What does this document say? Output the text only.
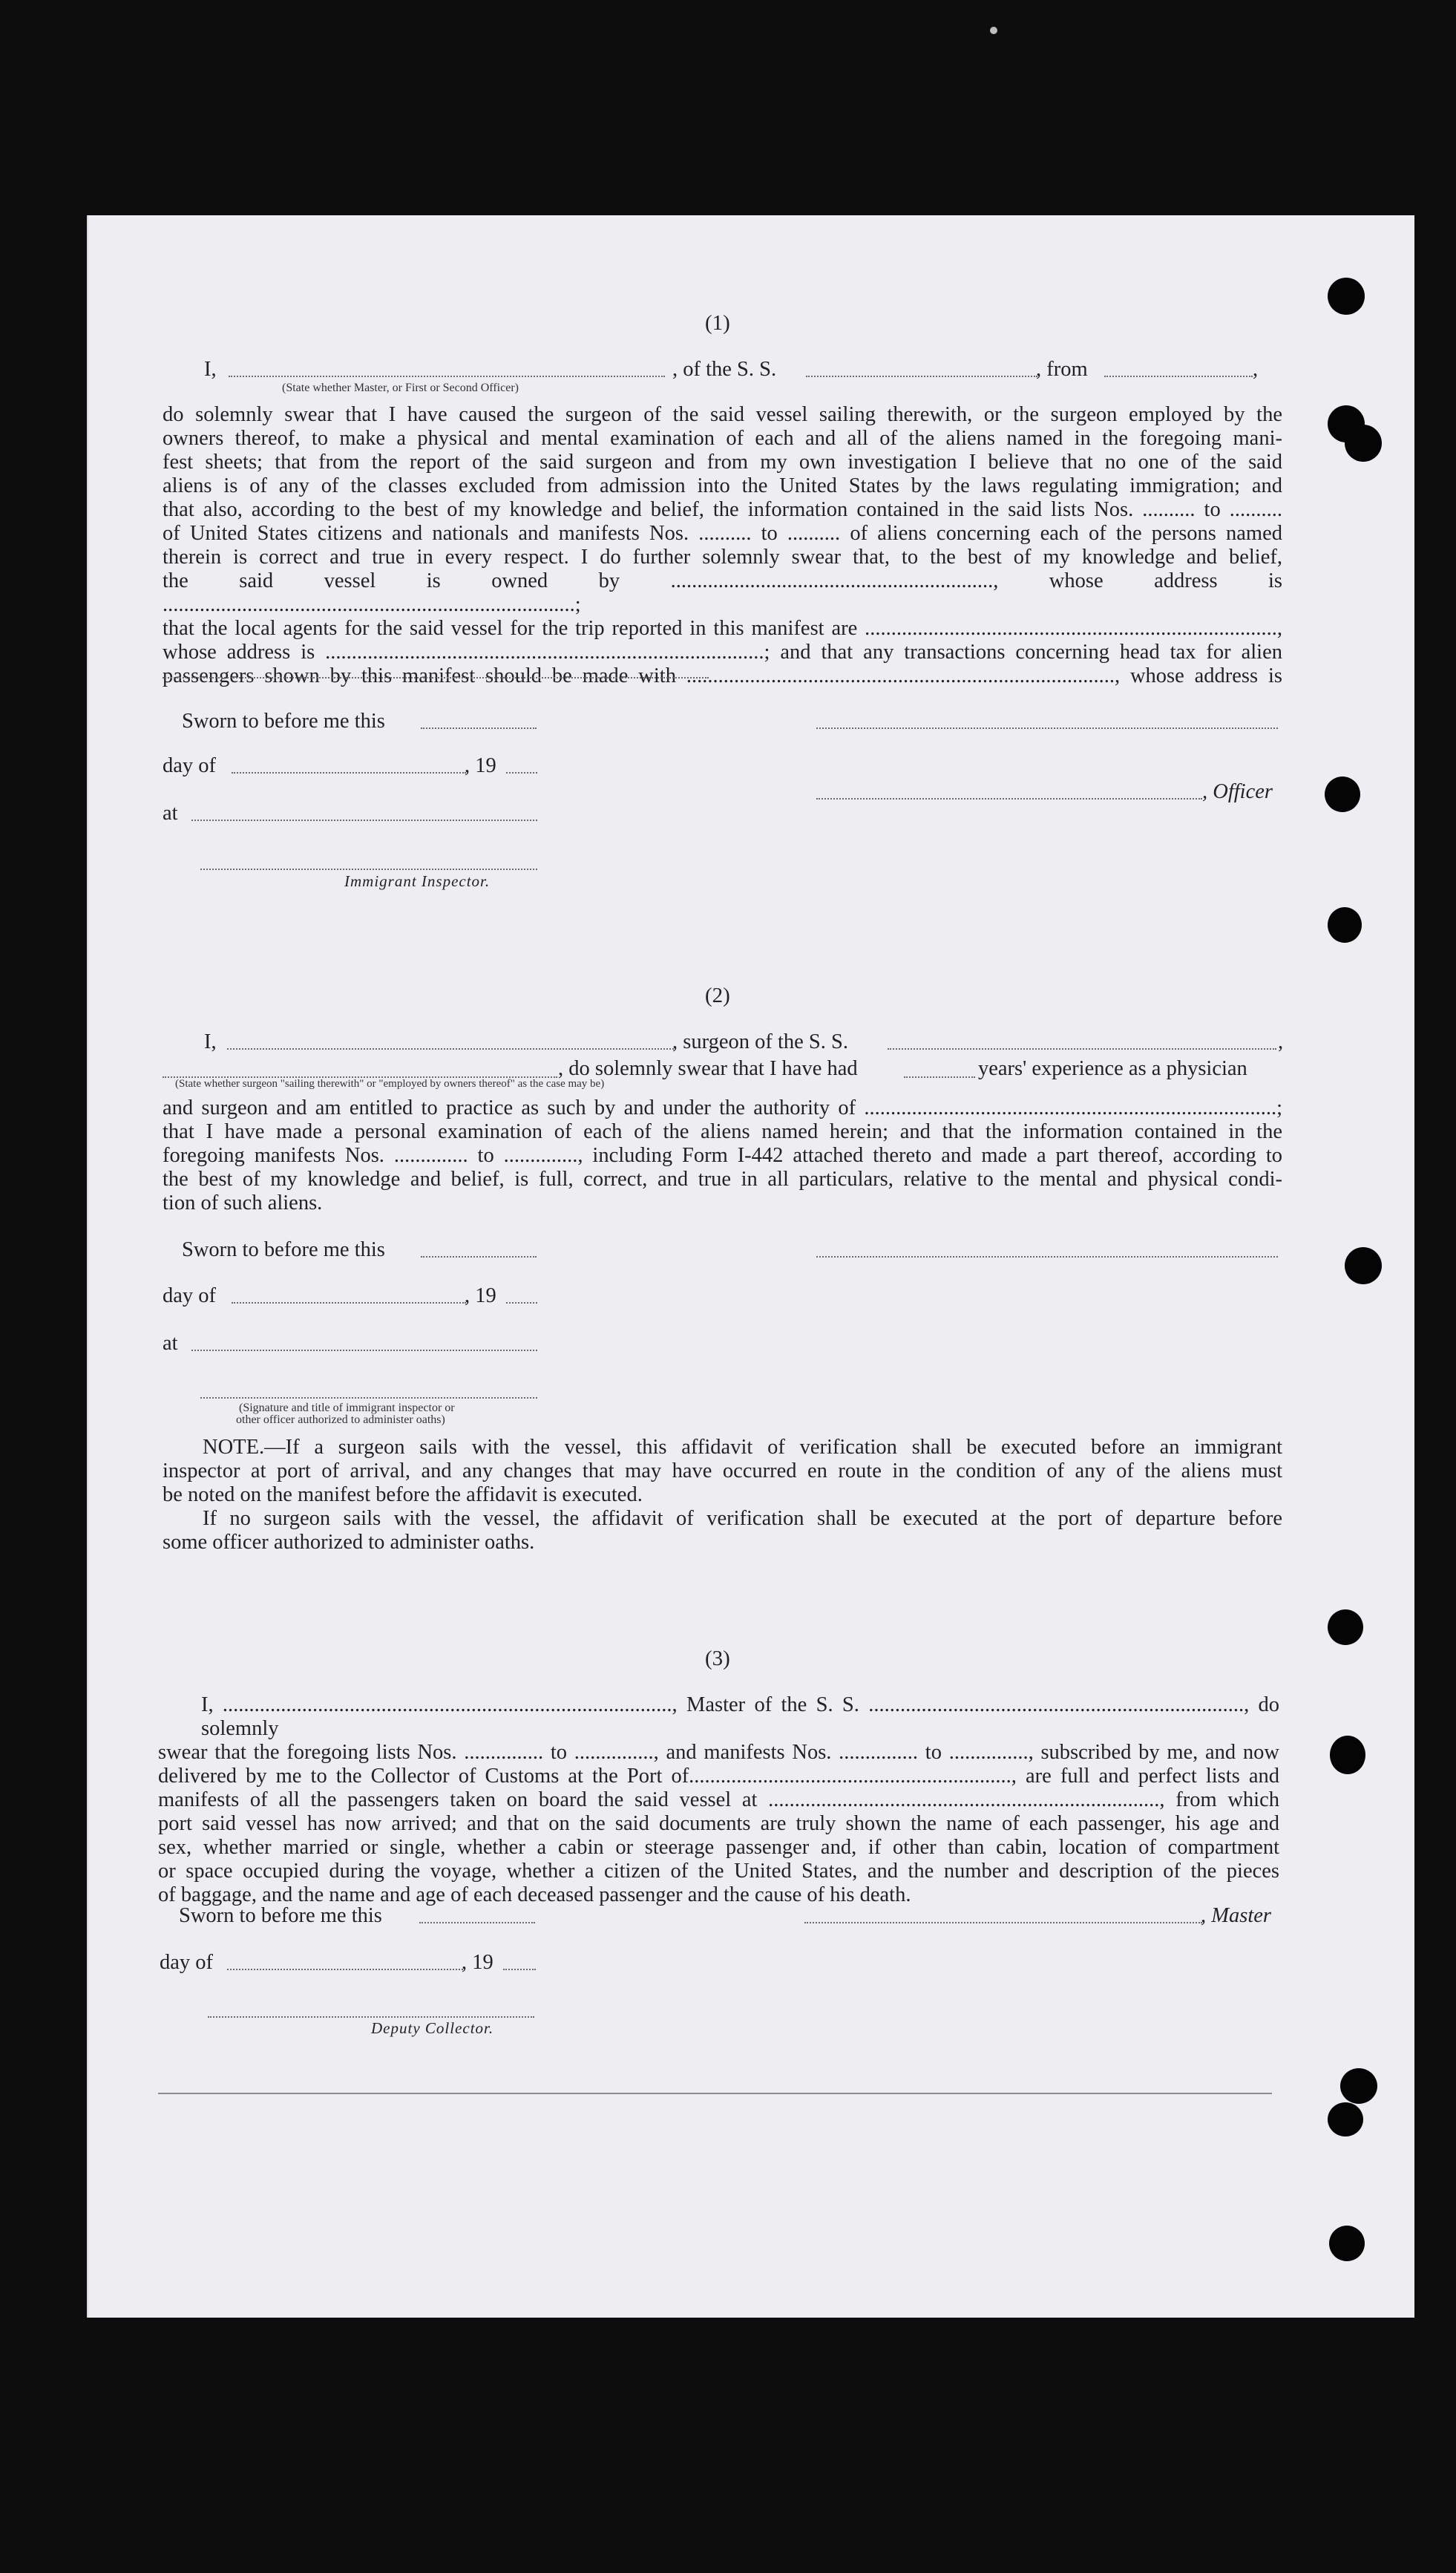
(1)
I,	, of the S. S.	, from	,
(State whether Master, or First or Second Officer)
do solemnly swear that I have caused the surgeon of the said vessel sailing therewith, or the surgeon employed by the
owners thereof, to make a physical and mental examination of each and all of the aliens named in the foregoing mani-
fest sheets; that from the report of the said surgeon and from my own investigation I believe that no one of the said
aliens is of any of the classes excluded from admission into the United States by the laws regulating immigration; and
that also, according to the best of my knowledge and belief, the information contained in the said lists Nos. .......... to ..........
of United States citizens and nationals and manifests Nos. .......... to .......... of aliens concerning each of the persons named
therein is correct and true in every respect. I do further solemnly swear that, to the best of my knowledge and belief,
the said vessel is owned by ............................................................., whose address is ..............................................................................;
that the local agents for the said vessel for the trip reported in this manifest are ..............................................................................,
whose address is ...................................................................................; and that any transactions concerning head tax for alien
passengers shown by this manifest should be made with ................................................................................., whose address is
Sworn to before me this
day of	, 19
, Officer
at
Immigrant Inspector.
(2)
I,	, surgeon of the S. S.	,
, do solemnly swear that I have had	years' experience as a physician
(State whether surgeon "sailing therewith" or "employed by owners thereof" as the case may be)
and surgeon and am entitled to practice as such by and under the authority of ..............................................................................;
that I have made a personal examination of each of the aliens named herein; and that the information contained in the
foregoing manifests Nos. .............. to .............., including Form I-442 attached thereto and made a part thereof, according to
the best of my knowledge and belief, is full, correct, and true in all particulars, relative to the mental and physical condi-
tion of such aliens.
Sworn to before me this
day of	, 19
at
(Signature and title of immigrant inspector or
other officer authorized to administer oaths)
NOTE.—If a surgeon sails with the vessel, this affidavit of verification shall be executed before an immigrant
inspector at port of arrival, and any changes that may have occurred en route in the condition of any of the aliens must
be noted on the manifest before the affidavit is executed.
If no surgeon sails with the vessel, the affidavit of verification shall be executed at the port of departure before
some officer authorized to administer oaths.
(3)
I, ....................................................................................., Master of the S. S. ......................................................................., do solemnly
swear that the foregoing lists Nos. ............... to ..............., and manifests Nos. ............... to ..............., subscribed by me, and now
delivered by me to the Collector of Customs at the Port of............................................................., are full and perfect lists and
manifests of all the passengers taken on board the said vessel at .........................................................................., from which
port said vessel has now arrived; and that on the said documents are truly shown the name of each passenger, his age and
sex, whether married or single, whether a cabin or steerage passenger and, if other than cabin, location of compartment
or space occupied during the voyage, whether a citizen of the United States, and the number and description of the pieces
of baggage, and the name and age of each deceased passenger and the cause of his death.
Sworn to before me this	, Master
day of	, 19
Deputy Collector.
